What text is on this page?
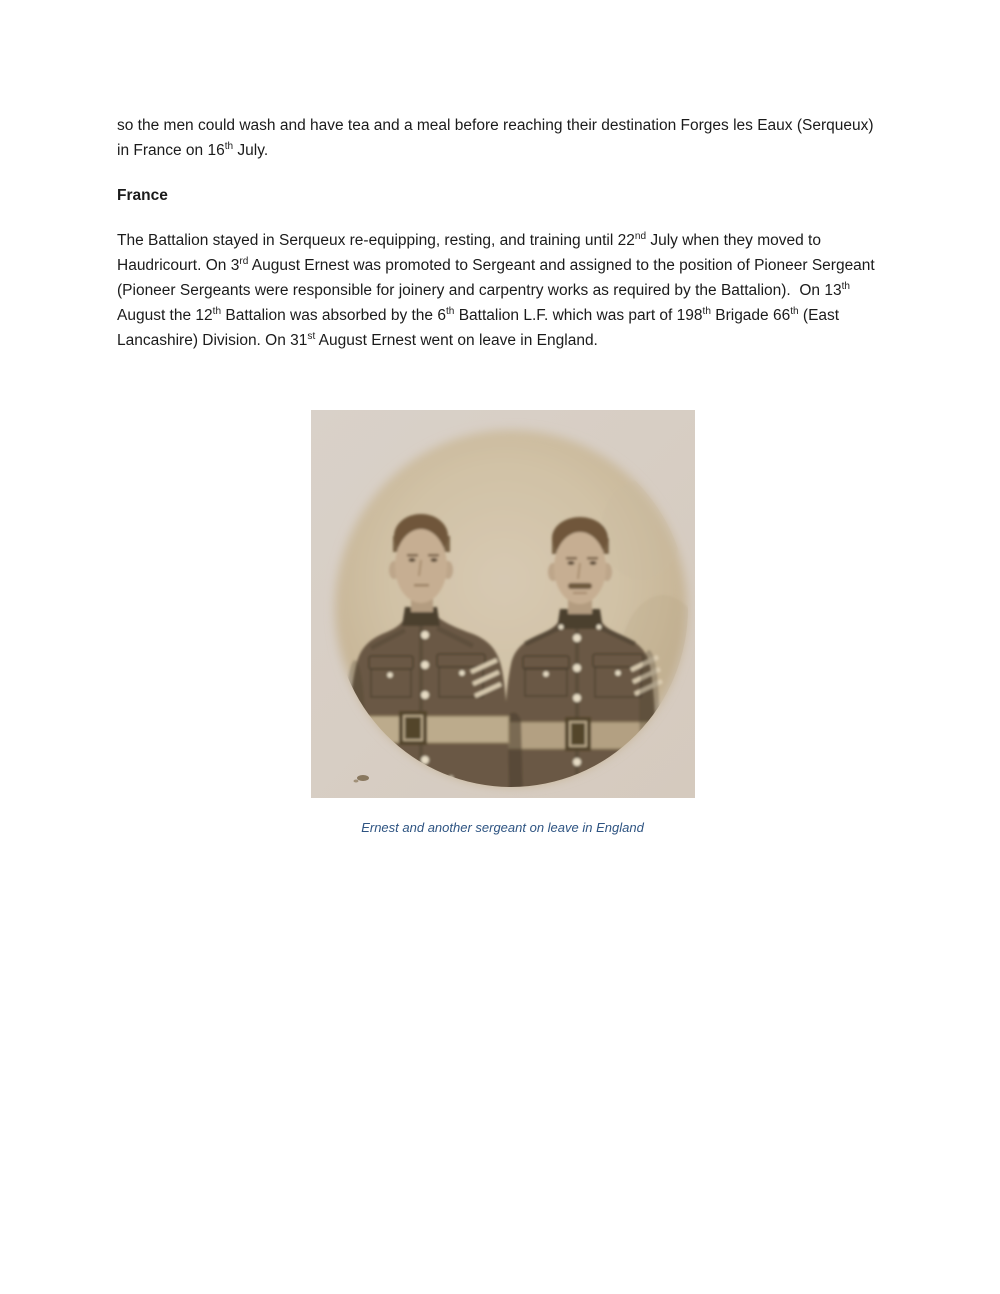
so the men could wash and have tea and a meal before reaching their destination Forges les Eaux (Serqueux) in France on 16th July.

France

The Battalion stayed in Serqueux re-equipping, resting, and training until 22nd July when they moved to Haudricourt. On 3rd August Ernest was promoted to Sergeant and assigned to the position of Pioneer Sergeant (Pioneer Sergeants were responsible for joinery and carpentry works as required by the Battalion).  On 13th August the 12th Battalion was absorbed by the 6th Battalion L.F. which was part of 198th Brigade 66th (East Lancashire) Division. On 31st August Ernest went on leave in England.

Ernest and another sergeant on leave in England
